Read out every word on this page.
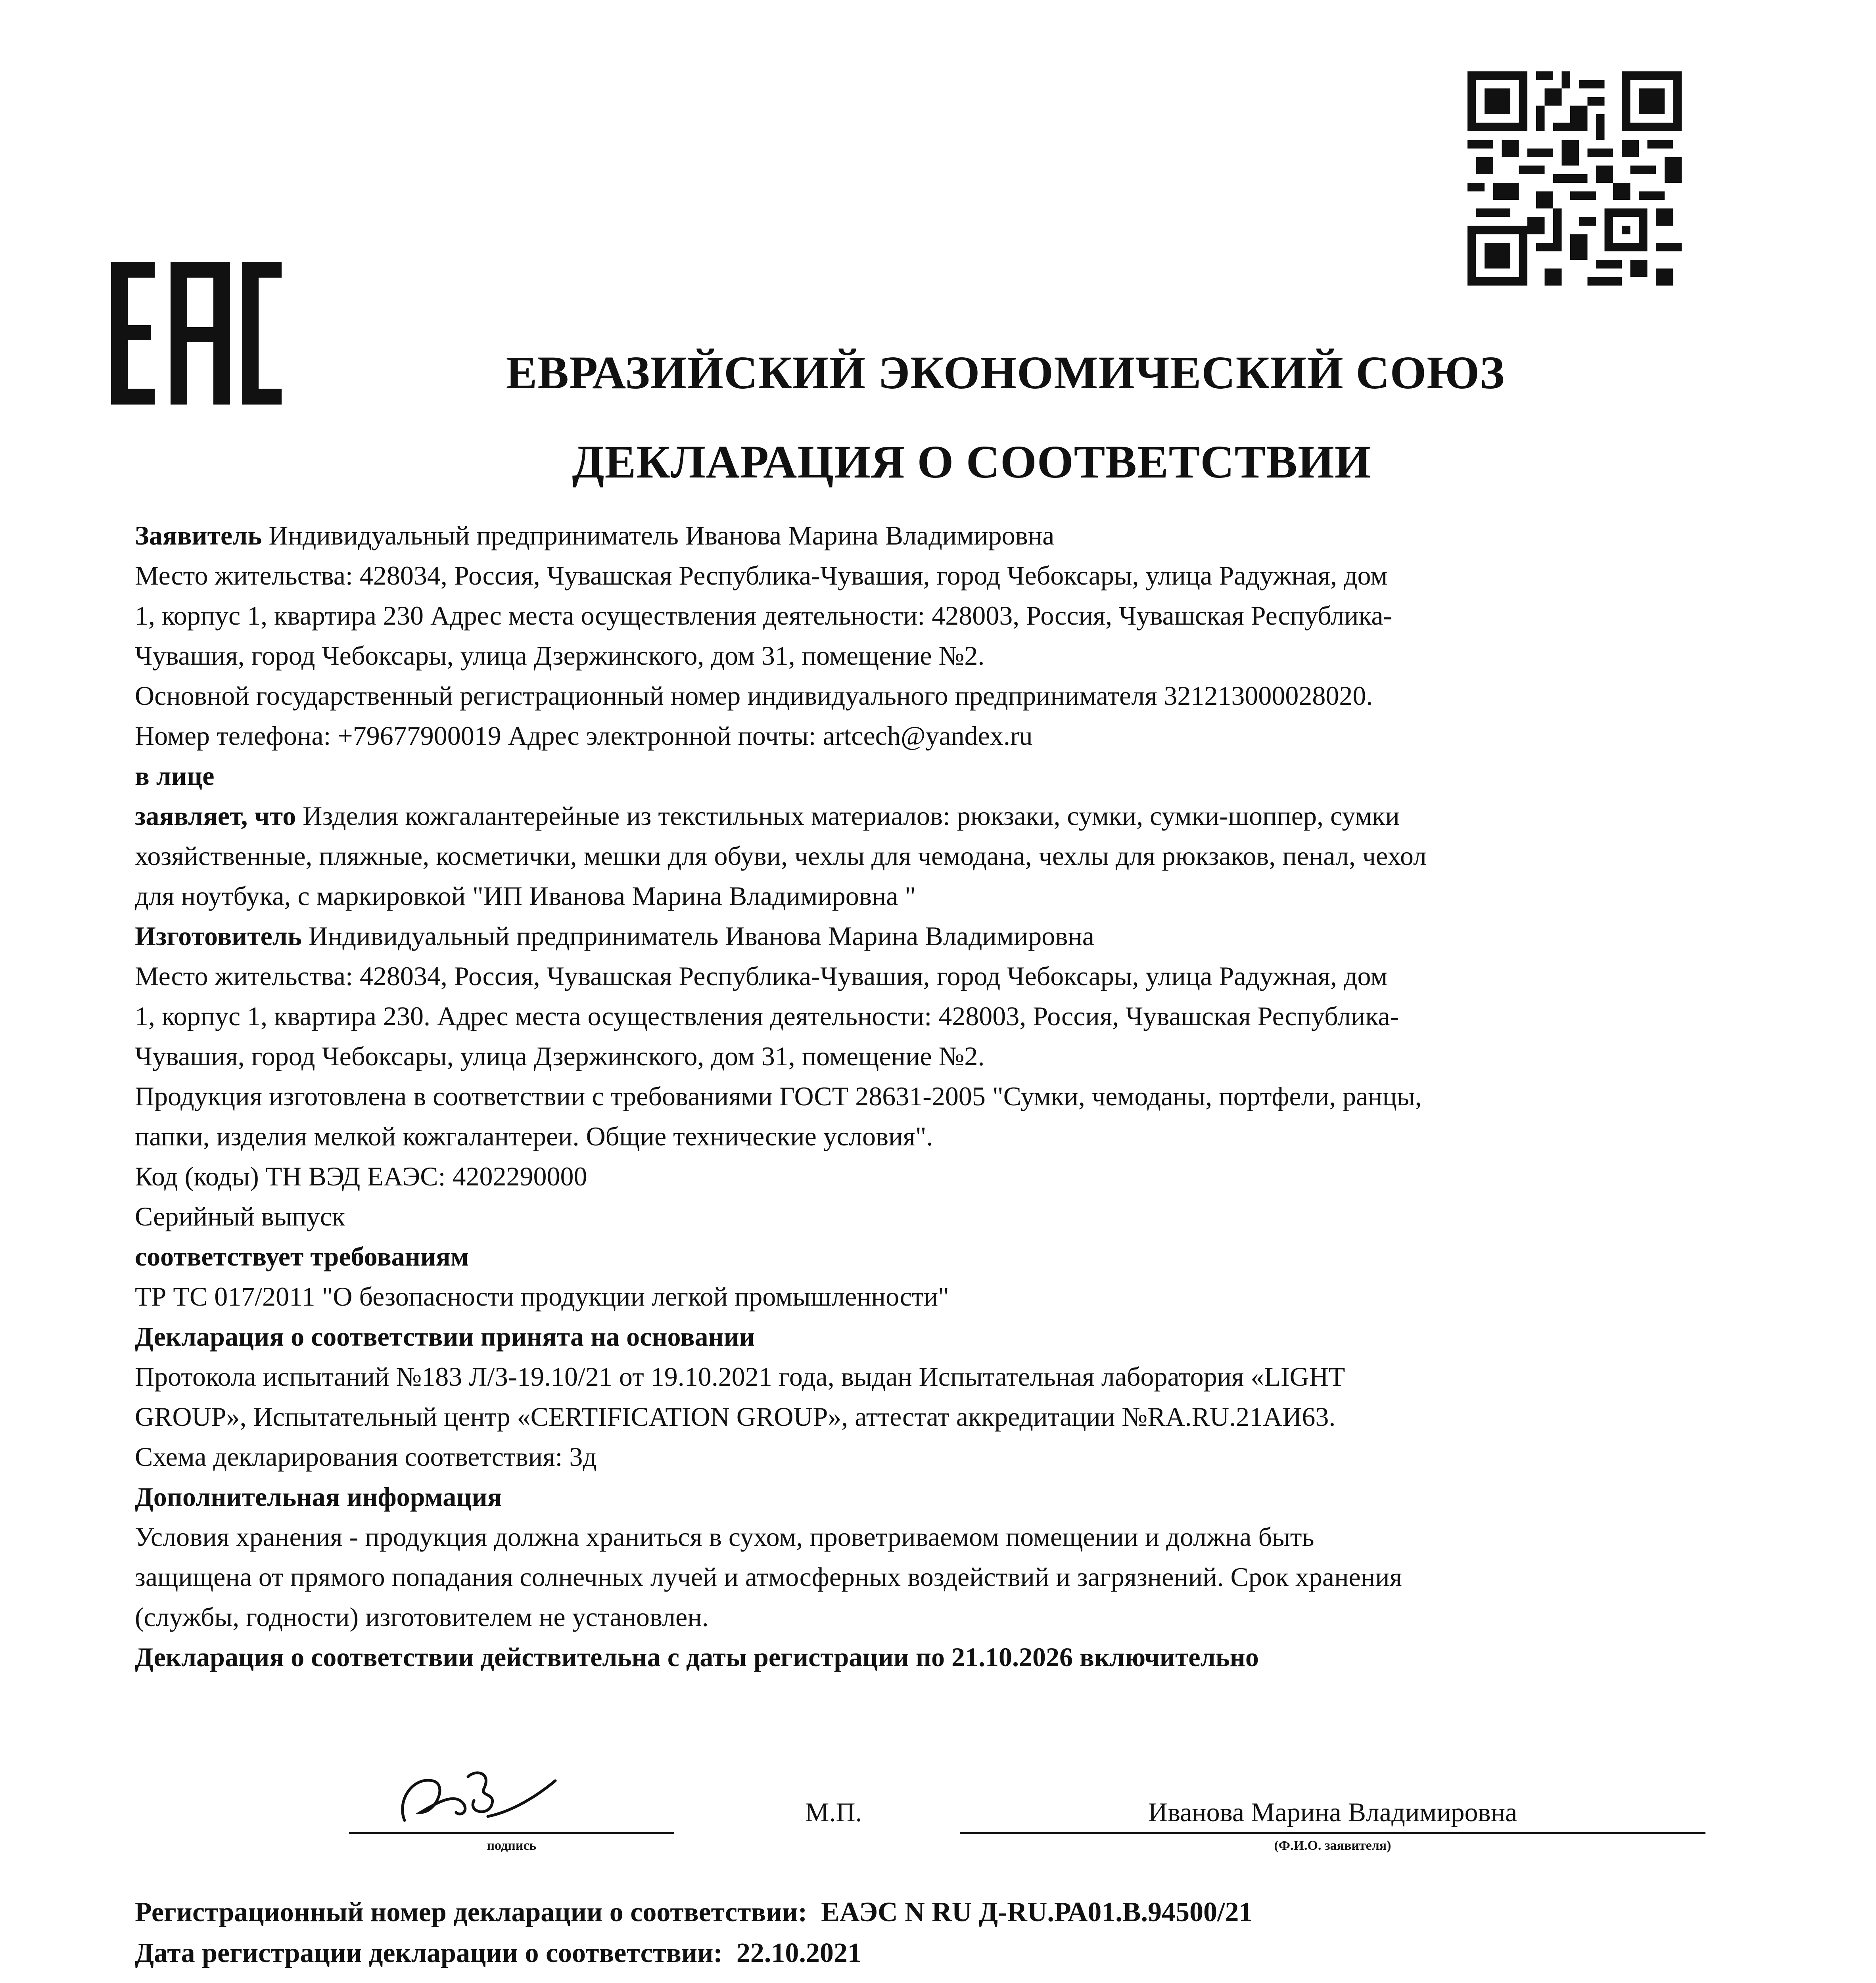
ЕВРАЗИЙСКИЙ ЭКОНОМИЧЕСКИЙ СОЮЗ
ДЕКЛАРАЦИЯ О СООТВЕТСТВИИ
Заявитель Индивидуальный предприниматель Иванова Марина Владимировна
Место жительства: 428034, Россия, Чувашская Республика-Чувашия, город Чебоксары, улица Радужная, дом
1, корпус 1, квартира 230 Адрес места осуществления деятельности: 428003, Россия, Чувашская Республика-
Чувашия, город Чебоксары, улица Дзержинского, дом 31, помещение №2.
Основной государственный регистрационный номер индивидуального предпринимателя 321213000028020.
Номер телефона: +79677900019 Адрес электронной почты: artcech@yandex.ru
в лице
заявляет, что Изделия кожгалантерейные из текстильных материалов: рюкзаки, сумки, сумки-шоппер, сумки
хозяйственные, пляжные, косметички, мешки для обуви, чехлы для чемодана, чехлы для рюкзаков, пенал, чехол
для ноутбука, с маркировкой "ИП Иванова Марина Владимировна "
Изготовитель Индивидуальный предприниматель Иванова Марина Владимировна
Место жительства: 428034, Россия, Чувашская Республика-Чувашия, город Чебоксары, улица Радужная, дом
1, корпус 1, квартира 230. Адрес места осуществления деятельности: 428003, Россия, Чувашская Республика-
Чувашия, город Чебоксары, улица Дзержинского, дом 31, помещение №2.
Продукция изготовлена в соответствии с требованиями ГОСТ 28631-2005 "Сумки, чемоданы, портфели, ранцы,
папки, изделия мелкой кожгалантереи. Общие технические условия".
Код (коды) ТН ВЭД ЕАЭС: 4202290000
Серийный выпуск
соответствует требованиям
ТР ТС 017/2011 "О безопасности продукции легкой промышленности"
Декларация о соответствии принята на основании
Протокола испытаний №183 Л/З-19.10/21 от 19.10.2021 года, выдан Испытательная лаборатория «LIGHT
GROUP», Испытательный центр «CERTIFICATION GROUP», аттестат аккредитации №RA.RU.21АИ63.
Схема декларирования соответствия: 3д
Дополнительная информация
Условия хранения - продукция должна храниться в сухом, проветриваемом помещении и должна быть
защищена от прямого попадания солнечных лучей и атмосферных воздействий и загрязнений. Срок хранения
(службы, годности) изготовителем не установлен.
Декларация о соответствии действительна с даты регистрации по 21.10.2026 включительно
подпись
М.П.	Иванова Марина Владимировна
(Ф.И.О. заявителя)
Регистрационный номер декларации о соответствии: ЕАЭС N RU Д-RU.РА01.В.94500/21
Дата регистрации декларации о соответствии: 22.10.2021
